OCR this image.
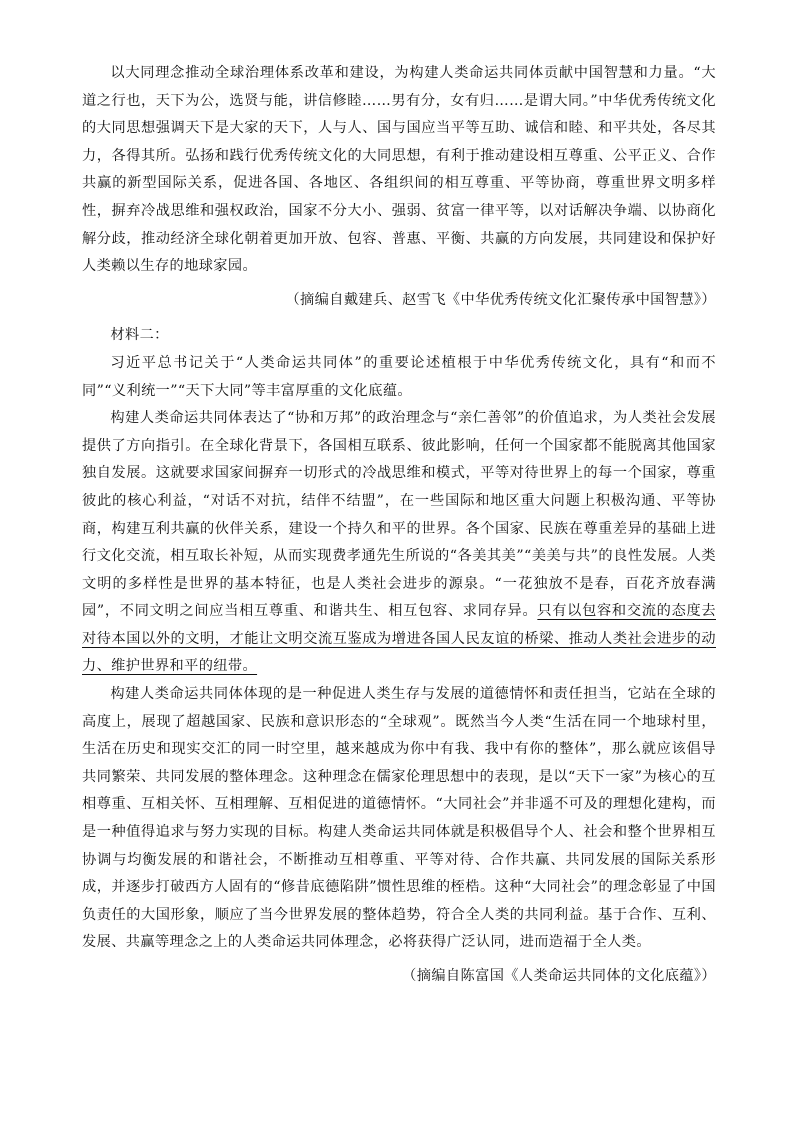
以大同理念推动全球治理体系改革和建设，为构建人类命运共同体贡献中国智慧和力量。“大道之行也，天下为公，选贤与能，讲信修睦……男有分，女有归……是谓大同。”中华优秀传统文化的大同思想强调天下是大家的天下，人与人、国与国应当平等互助、诚信和睦、和平共处，各尽其力，各得其所。弘扬和践行优秀传统文化的大同思想，有利于推动建设相互尊重、公平正义、合作共赢的新型国际关系，促进各国、各地区、各组织间的相互尊重、平等协商，尊重世界文明多样性，摒弃冷战思维和强权政治，国家不分大小、强弱、贫富一律平等，以对话解决争端、以协商化解分歧，推动经济全球化朝着更加开放、包容、普惠、平衡、共赢的方向发展，共同建设和保护好人类赖以生存的地球家园。

（摘编自戴建兵、赵雪飞《中华优秀传统文化汇聚传承中国智慧》）

材料二：

习近平总书记关于“人类命运共同体”的重要论述植根于中华优秀传统文化，具有“和而不同”“义利统一”“天下大同”等丰富厚重的文化底蕴。

构建人类命运共同体表达了“协和万邦”的政治理念与“亲仁善邻”的价值追求，为人类社会发展提供了方向指引。在全球化背景下，各国相互联系、彼此影响，任何一个国家都不能脱离其他国家独自发展。这就要求国家间摒弃一切形式的冷战思维和模式，平等对待世界上的每一个国家，尊重彼此的核心利益，“对话不对抗，结伴不结盟”，在一些国际和地区重大问题上积极沟通、平等协商，构建互利共赢的伙伴关系，建设一个持久和平的世界。各个国家、民族在尊重差异的基础上进行文化交流，相互取长补短，从而实现费孝通先生所说的“各美其美”“美美与共”的良性发展。人类文明的多样性是世界的基本特征，也是人类社会进步的源泉。“一花独放不是春，百花齐放春满园”，不同文明之间应当相互尊重、和谐共生、相互包容、求同存异。只有以包容和交流的态度去对待本国以外的文明，才能让文明交流互鉴成为增进各国人民友谊的桥梁、推动人类社会进步的动力、维护世界和平的纽带。

构建人类命运共同体体现的是一种促进人类生存与发展的道德情怀和责任担当，它站在全球的高度上，展现了超越国家、民族和意识形态的“全球观”。既然当今人类“生活在同一个地球村里，生活在历史和现实交汇的同一时空里，越来越成为你中有我、我中有你的整体”，那么就应该倡导共同繁荣、共同发展的整体理念。这种理念在儒家伦理思想中的表现，是以“天下一家”为核心的互相尊重、互相关怀、互相理解、互相促进的道德情怀。“大同社会”并非遥不可及的理想化建构，而是一种值得追求与努力实现的目标。构建人类命运共同体就是积极倡导个人、社会和整个世界相互协调与均衡发展的和谐社会，不断推动互相尊重、平等对待、合作共赢、共同发展的国际关系形成，并逐步打破西方人固有的“修昔底德陷阱”惯性思维的桎梏。这种“大同社会”的理念彰显了中国负责任的大国形象，顺应了当今世界发展的整体趋势，符合全人类的共同利益。基于合作、互利、发展、共赢等理念之上的人类命运共同体理念，必将获得广泛认同，进而造福于全人类。

（摘编自陈富国《人类命运共同体的文化底蕴》）
